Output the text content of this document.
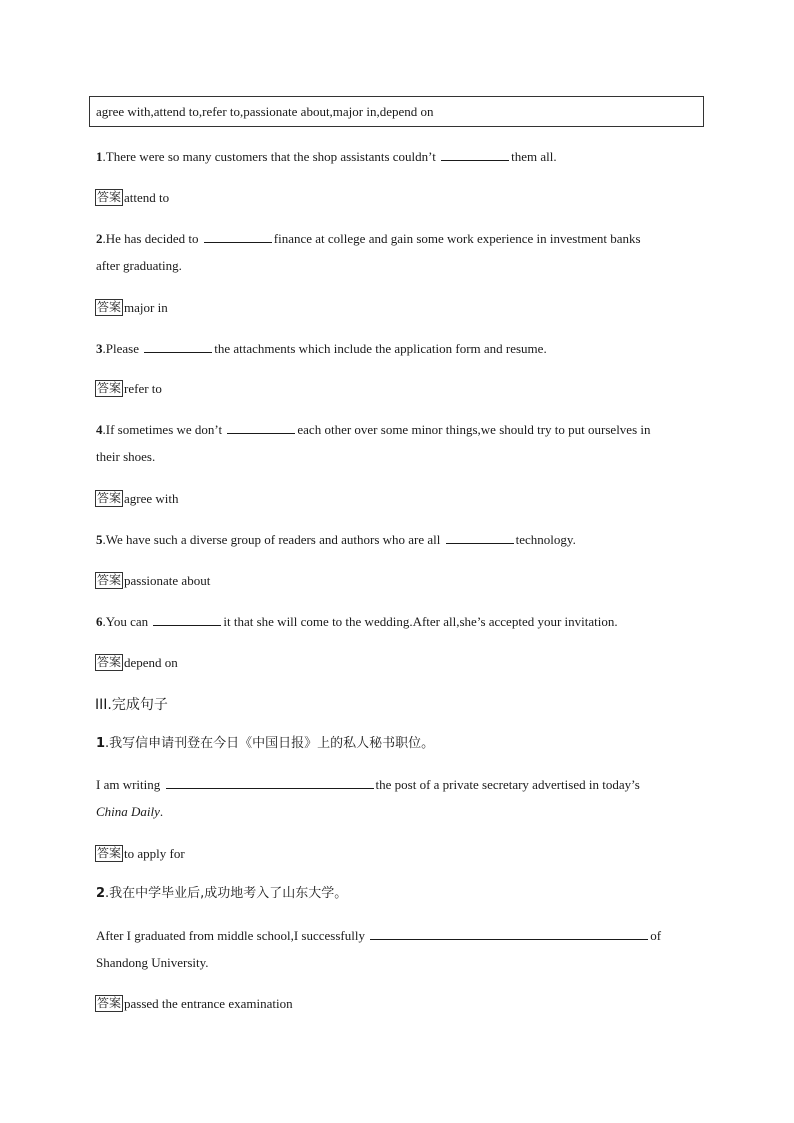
agree with,attend to,refer to,passionate about,major in,depend on
1.There were so many customers that the shop assistants couldn’t	them all.
答案 attend to
2.He has decided to	finance at college and gain some work experience in investment banks
after graduating.
答案 major in
3.Please	the attachments which include the application form and resume.
答案 refer to
4.If sometimes we don’t	each other over some minor things,we should try to put ourselves in
their shoes.
答案 agree with
5.We have such a diverse group of readers and authors who are all	technology.
答案 passionate about
6.You can	it that she will come to the wedding.After all,she’s accepted your invitation.
答案 depend on
III.完成句子
1.我写信申请刊登在今日《中国日报》上的私人秘书职位。
I am writing	the post of a private secretary advertised in today’s
China Daily.
答案 to apply for
2.我在中学毕业后,成功地考入了山东大学。
After I graduated from middle school,I successfully	of
Shandong University.
答案 passed the entrance examination
